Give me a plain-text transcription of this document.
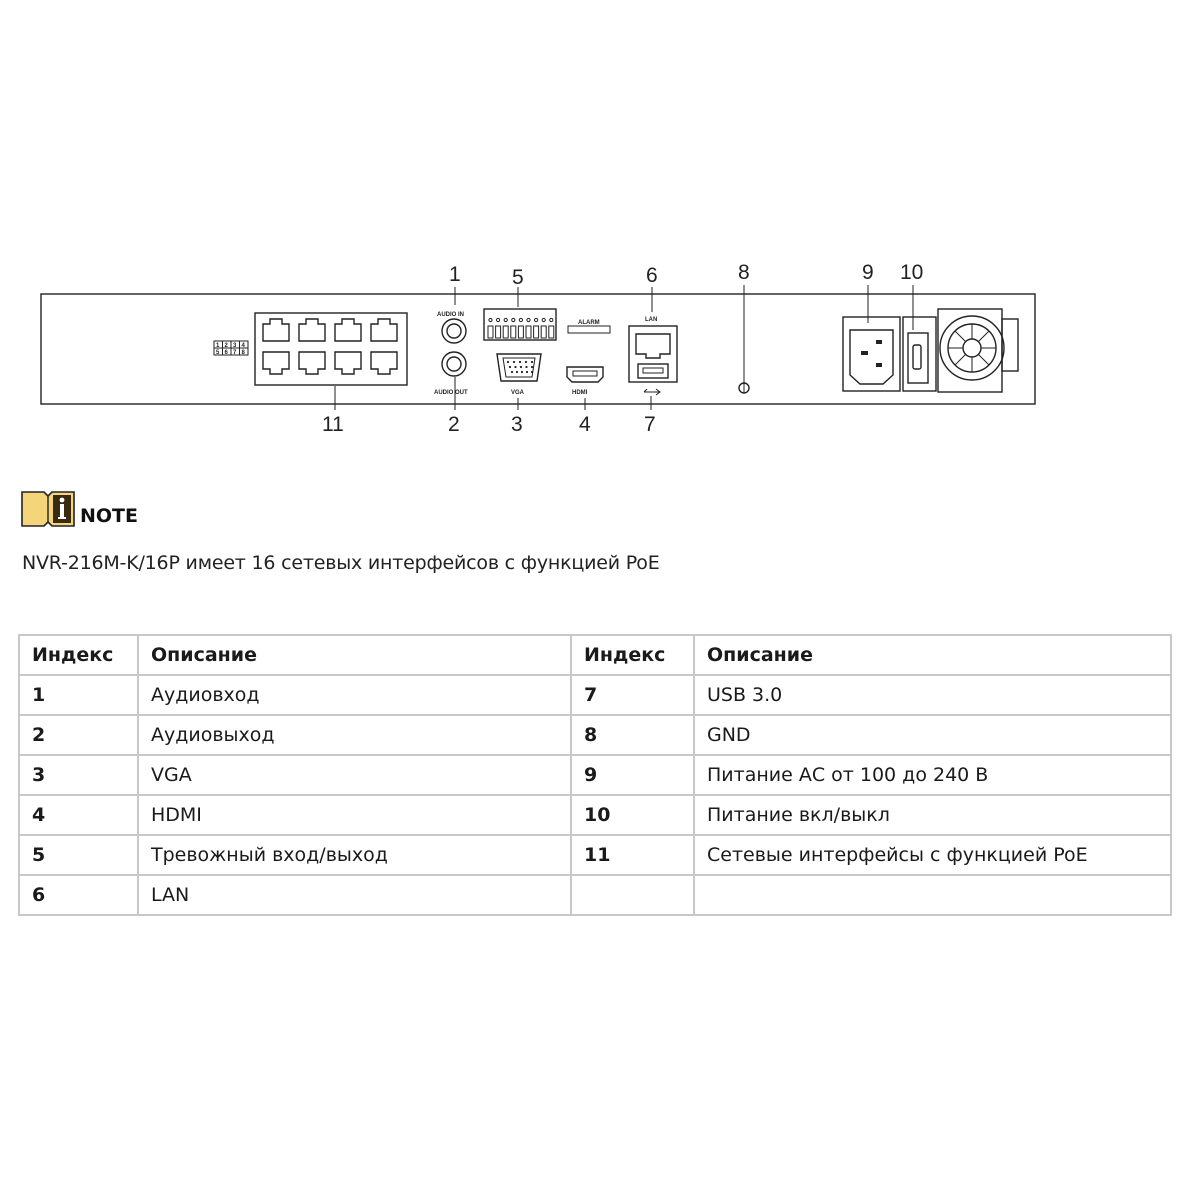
1 2 3 4
5 6 7 8
AUDIO IN
AUDIO OUT
ALARM
VGA	HDMI
LAN
1
2 3	4
5	6
7
8	9 10
11
NOTE
NVR-216M-K/16P имеет 16 сетевых интерфейсов с функцией PoE
Индекс	Описание	Индекс	Описание
1	Аудиовход	7	USB 3.0
2	Аудиовыход	8	GND
3	VGA	9	Питание АС от 100 до 240 В
4	HDMI	10	Питание вкл/выкл
5	Тревожный вход/выход	11	Сетевые интерфейсы с функцией PoE
6	LAN		
